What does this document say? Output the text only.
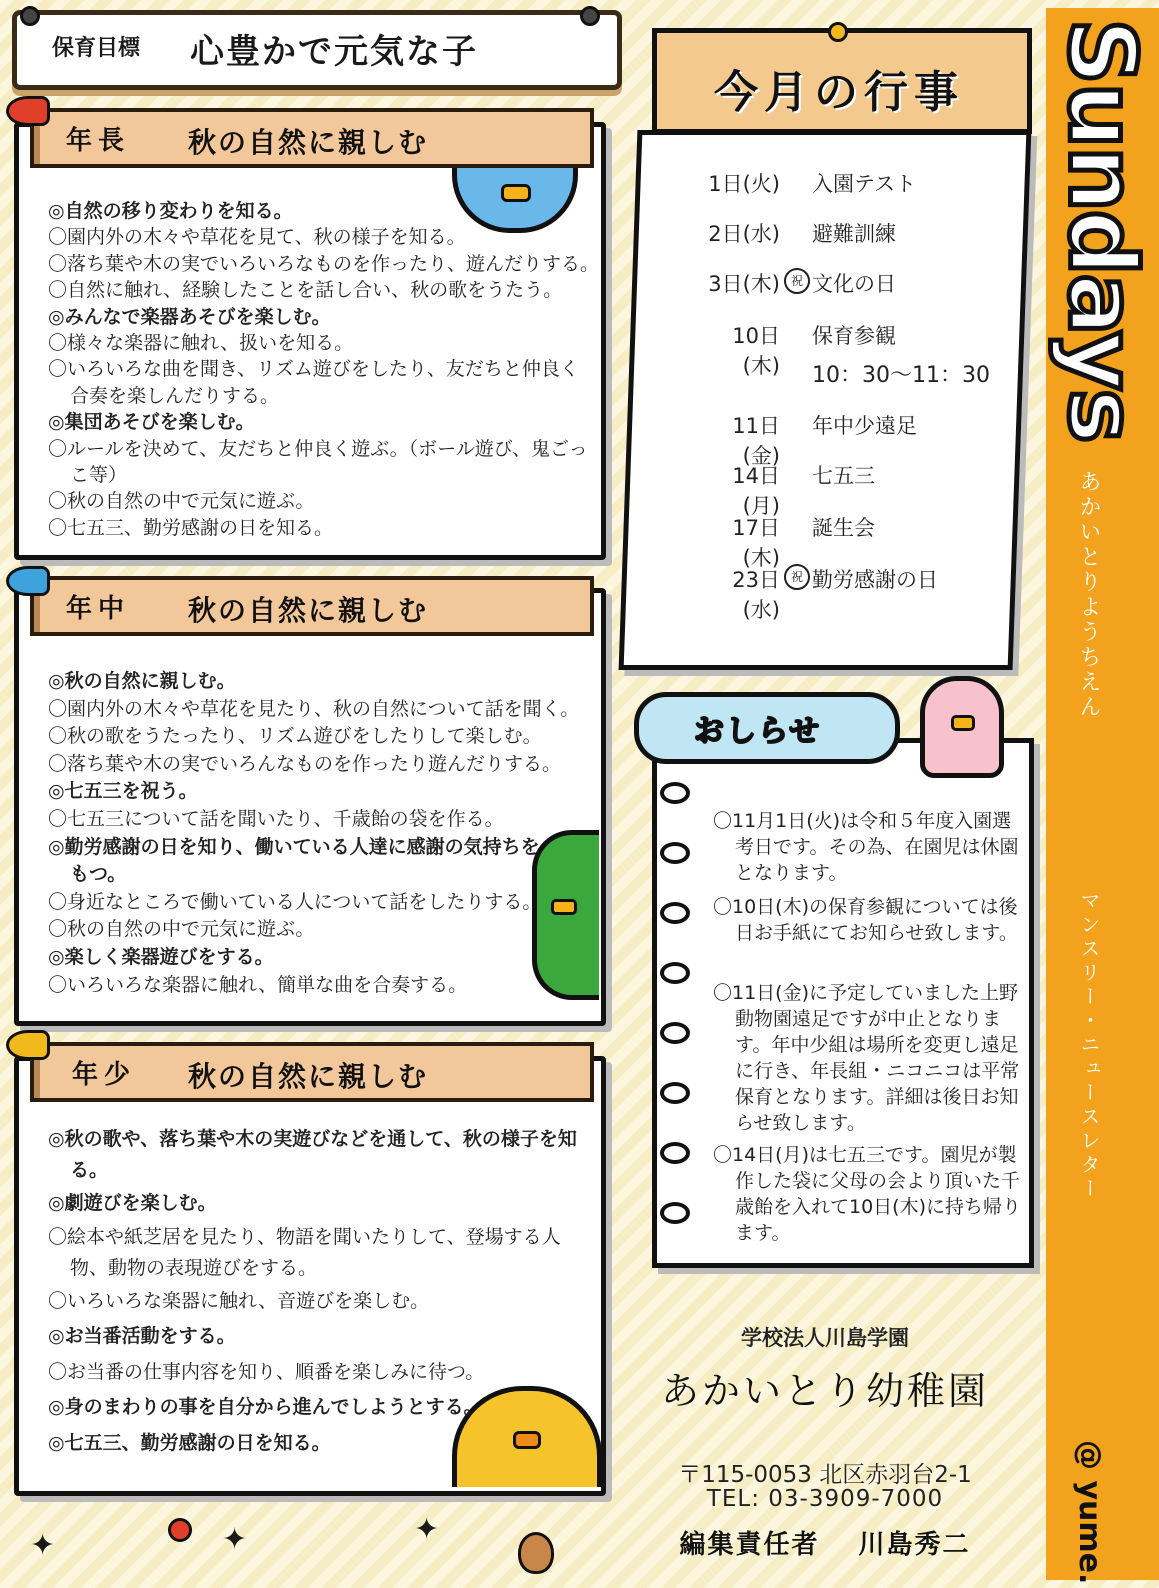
Sundays
あかいとりようちえん
マンスリー・ニュースレター
@ yume.
保育目標 心豊かで元気な子
年長 秋の自然に親しむ
◎自然の移り変わりを知る。
〇園内外の木々や草花を見て、秋の様子を知る。
〇落ち葉や木の実でいろいろなものを作ったり、遊んだりする。
〇自然に触れ、経験したことを話し合い、秋の歌をうたう。
◎みんなで楽器あそびを楽しむ。
〇様々な楽器に触れ、扱いを知る。
〇いろいろな曲を聞き、リズム遊びをしたり、友だちと仲良く合奏を楽しんだりする。
◎集団あそびを楽しむ。
〇ルールを決めて、友だちと仲良く遊ぶ。（ボール遊び、鬼ごっこ等）
〇秋の自然の中で元気に遊ぶ。
〇七五三、勤労感謝の日を知る。
年中 秋の自然に親しむ
◎秋の自然に親しむ。
〇園内外の木々や草花を見たり、秋の自然について話を聞く。
〇秋の歌をうたったり、リズム遊びをしたりして楽しむ。
〇落ち葉や木の実でいろんなものを作ったり遊んだりする。
◎七五三を祝う。
〇七五三について話を聞いたり、千歳飴の袋を作る。
◎勤労感謝の日を知り、働いている人達に感謝の気持ちをもつ。
〇身近なところで働いている人について話をしたりする。
〇秋の自然の中で元気に遊ぶ。
◎楽しく楽器遊びをする。
〇いろいろな楽器に触れ、簡単な曲を合奏する。
年少 秋の自然に親しむ
◎秋の歌や、落ち葉や木の実遊びなどを通して、秋の様子を知る。
◎劇遊びを楽しむ。
〇絵本や紙芝居を見たり、物語を聞いたりして、登場する人物、動物の表現遊びをする。
〇いろいろな楽器に触れ、音遊びを楽しむ。
◎お当番活動をする。
〇お当番の仕事内容を知り、順番を楽しみに待つ。
◎身のまわりの事を自分から進んでしようとする。
◎七五三、勤労感謝の日を知る。
今月の行事
1日(火) 入園テスト
2日(水) 避難訓練
3日(木) 祝 文化の日
10日(木)
保育参観
10：30〜11：30
11日(金)
年中少遠足
14日(月)
七五三
17日(木)
誕生会
23日(水)
祝 勤労感謝の日
おしらせ
〇11月1日(火)は令和５年度入園選考日です。その為、在園児は休園となります。
〇10日(木)の保育参観については後日お手紙にてお知らせ致します。
〇11日(金)に予定していました上野動物園遠足ですが中止となります。年中少組は場所を変更し遠足に行き、年長組・ニコニコは平常保育となります。詳細は後日お知らせ致します。
〇14日(月)は七五三です。園児が製作した袋に父母の会より頂いた千歳飴を入れて10日(木)に持ち帰ります。
学校法人川島学園
あかいとり幼稚園
〒115-0053 北区赤羽台2-1
TEL: 03-3909-7000
編集責任者　 川島秀二
✦	✦	✦
